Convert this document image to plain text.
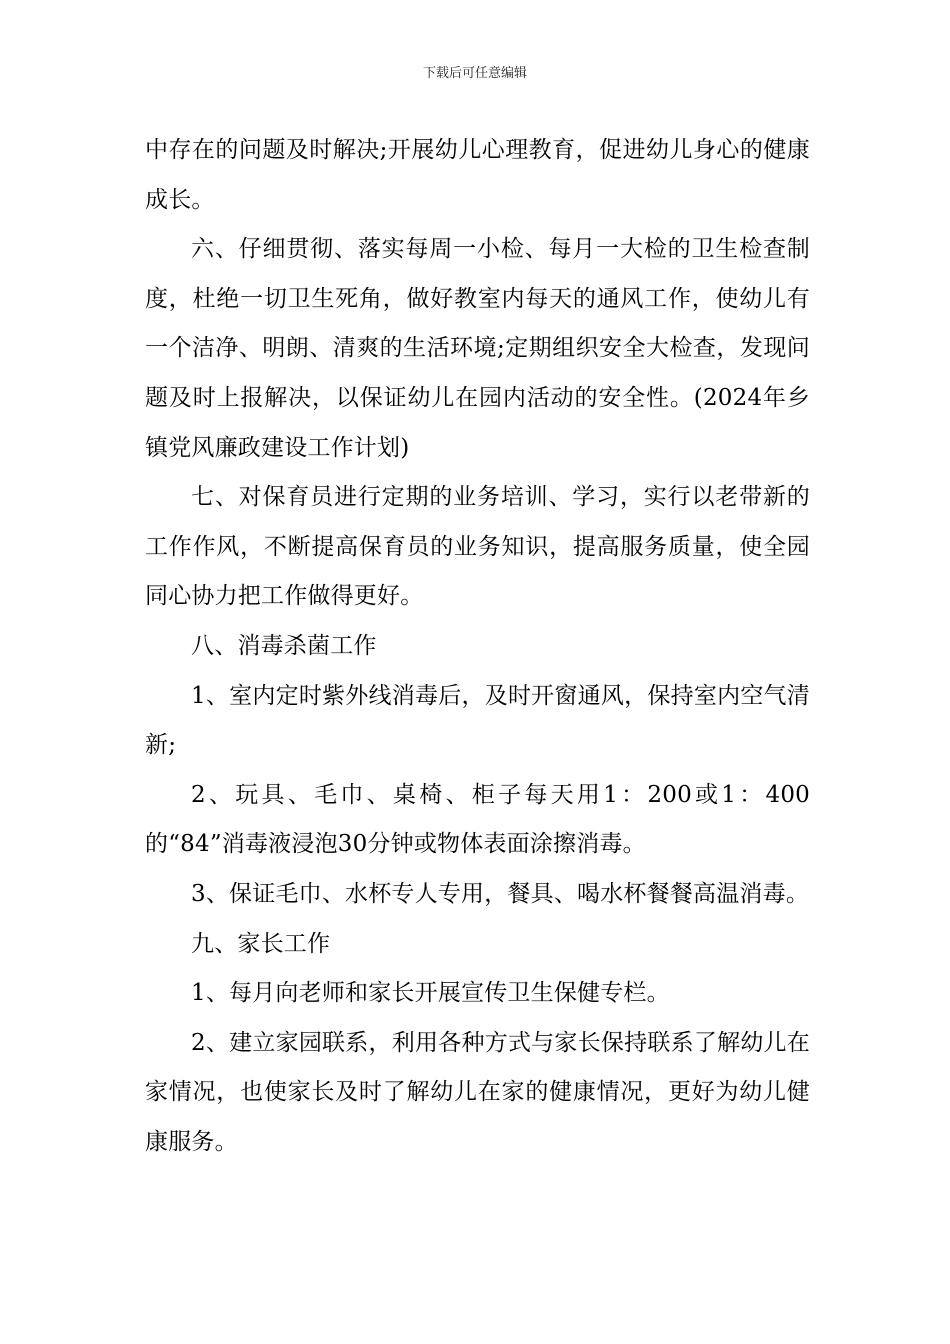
下载后可任意编辑

中存在的问题及时解决;开展幼儿心理教育，促进幼儿身心的健康成长。

六、仔细贯彻、落实每周一小检、每月一大检的卫生检查制度，杜绝一切卫生死角，做好教室内每天的通风工作，使幼儿有一个洁净、明朗、清爽的生活环境;定期组织安全大检查，发现问题及时上报解决，以保证幼儿在园内活动的安全性。(2024年乡镇党风廉政建设工作计划)

七、对保育员进行定期的业务培训、学习，实行以老带新的工作作风，不断提高保育员的业务知识，提高服务质量，使全园同心协力把工作做得更好。

八、消毒杀菌工作

1、室内定时紫外线消毒后，及时开窗通风，保持室内空气清新;

2、玩具、毛巾、桌椅、柜子每天用1：200或1：400的“84”消毒液浸泡30分钟或物体表面涂擦消毒。

3、保证毛巾、水杯专人专用，餐具、喝水杯餐餐高温消毒。

九、家长工作

1、每月向老师和家长开展宣传卫生保健专栏。

2、建立家园联系，利用各种方式与家长保持联系了解幼儿在家情况，也使家长及时了解幼儿在家的健康情况，更好为幼儿健康服务。
